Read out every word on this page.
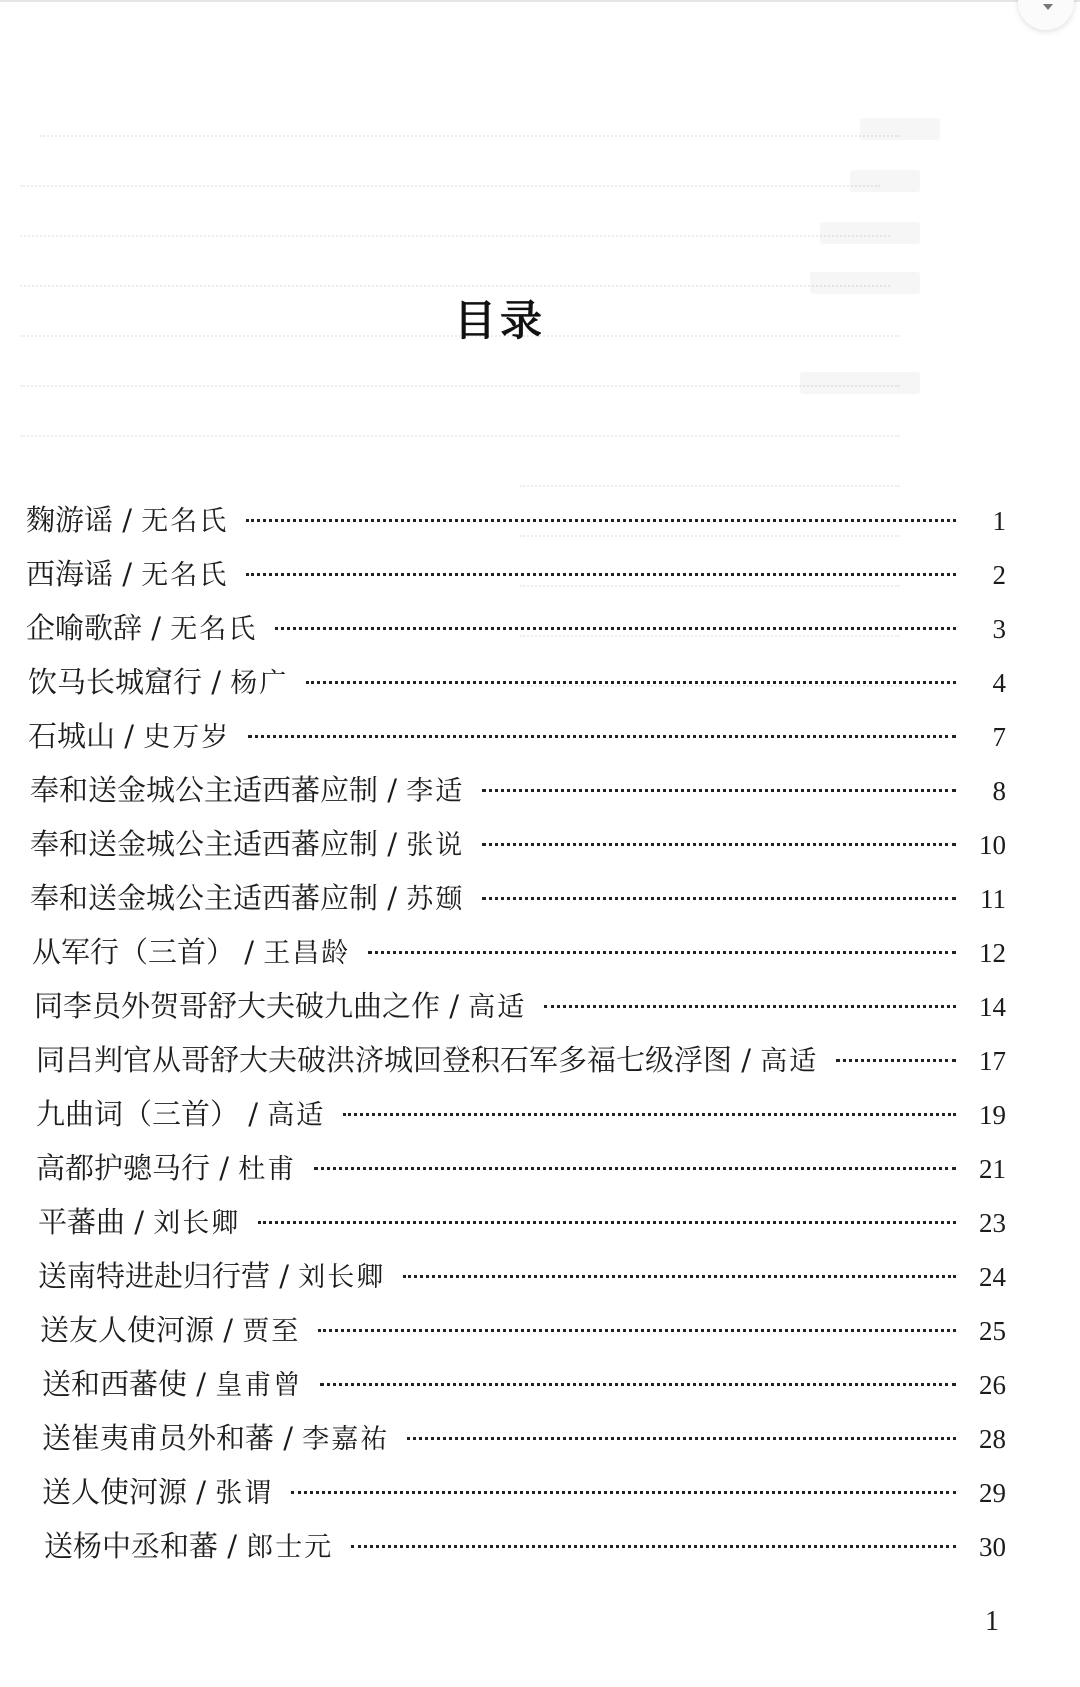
目录
麴游谣 / 无名氏	1
西海谣 / 无名氏	2
企喻歌辞 / 无名氏	3
饮马长城窟行 / 杨广	4
石城山 / 史万岁	7
奉和送金城公主适西蕃应制 / 李适	8
奉和送金城公主适西蕃应制 / 张说	10
奉和送金城公主适西蕃应制 / 苏颋	11
从军行（三首） / 王昌龄	12
同李员外贺哥舒大夫破九曲之作 / 高适	14
同吕判官从哥舒大夫破洪济城回登积石军多福七级浮图 / 高适	17
九曲词（三首） / 高适	19
高都护骢马行 / 杜甫	21
平蕃曲 / 刘长卿	23
送南特进赴归行营 / 刘长卿	24
送友人使河源 / 贾至	25
送和西蕃使 / 皇甫曾	26
送崔夷甫员外和蕃 / 李嘉祐	28
送人使河源 / 张谓	29
送杨中丞和蕃 / 郎士元	30
1
